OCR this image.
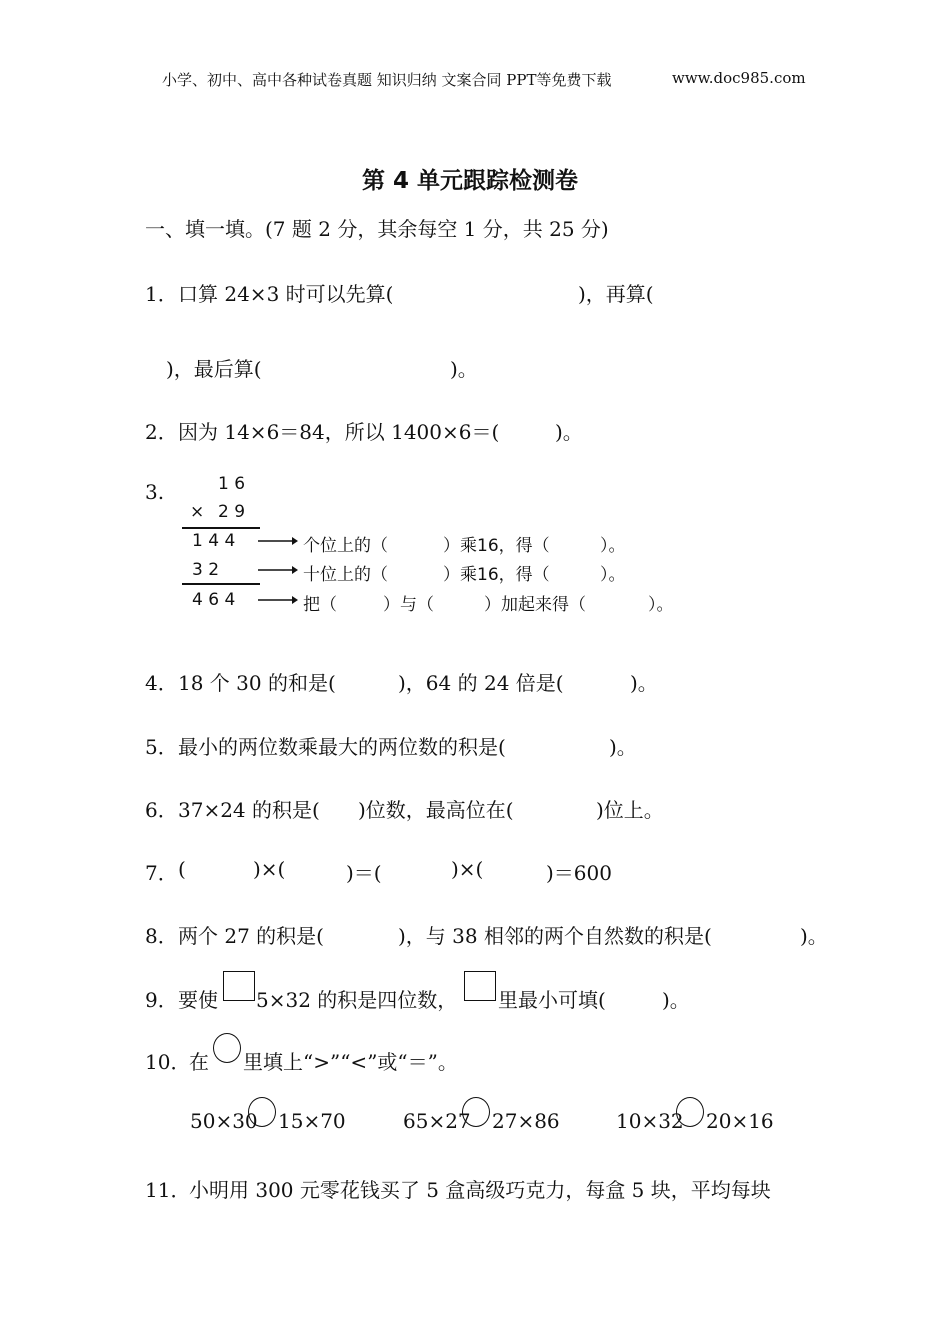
小学、初中、高中各种试卷真题 知识归纳 文案合同 PPT等免费下载	www.doc985.com
第 4 单元跟踪检测卷
一、填一填。(7 题 2 分，其余每空 1 分，共 25 分)
1． 口算 24×3 时可以先算(	)，再算(
)，最后算(	)。
2． 因为 14×6＝84，所以 1400×6＝(	)。
3.	1 6
× 2 9
1 4 4	个位上的（	）乘16，得（	）。
3 2	十位上的（	）乘16，得（	）。
4 6 4	把（	）与（	）加起来得（	）。
4． 18 个 30 的和是(	)，64 的 24 倍是(	)。
5． 最小的两位数乘最大的两位数的积是(	)。
6． 37×24 的积是( )位数，最高位在(	)位上。
7． (	)×(	)＝(	)×(	)＝600
8． 两个 27 的积是(	)，与 38 相邻的两个自然数的积是(	)。
9． 要使 5×32 的积是四位数， 里最小可填(	)。
10．
在 里填上“>”“<”或“＝”。
50×30 15×70	65×27 27×86	10×32 20×16
11．
小明用 300 元零花钱买了 5 盒高级巧克力，每盒 5 块，平均每块
